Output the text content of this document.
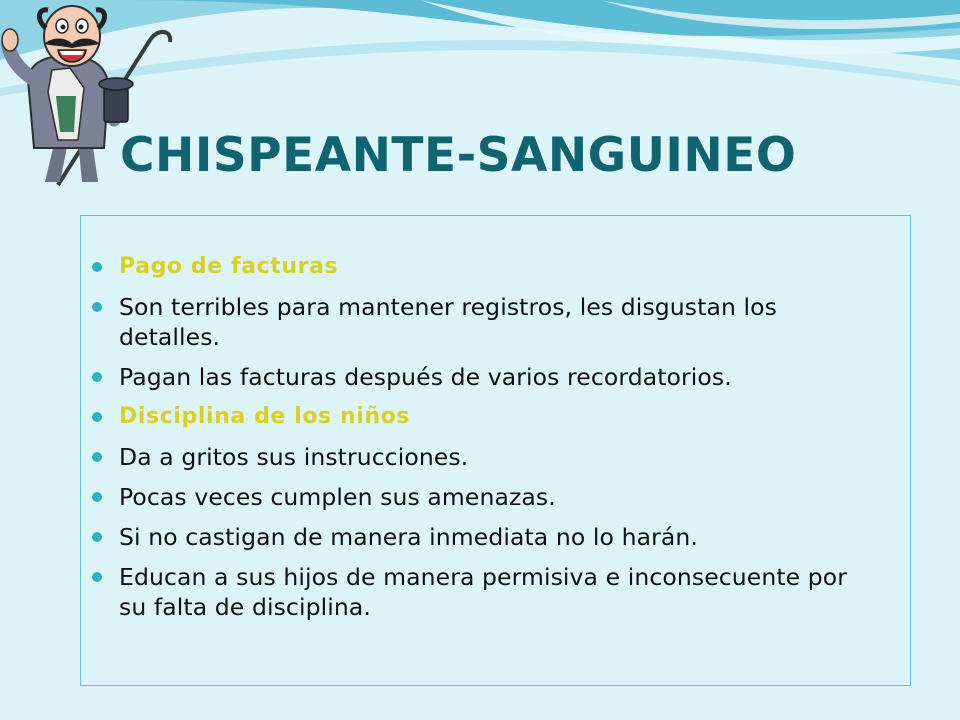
CHISPEANTE-SANGUINEO
Pago de facturas
Son terribles para mantener registros, les disgustan los detalles.
Pagan las facturas después de varios recordatorios.
Disciplina de los niños
Da a gritos sus instrucciones.
Pocas veces cumplen sus amenazas.
Si no castigan de manera inmediata no lo harán.
Educan a sus hijos de manera permisiva e inconsecuente por su falta de disciplina.
